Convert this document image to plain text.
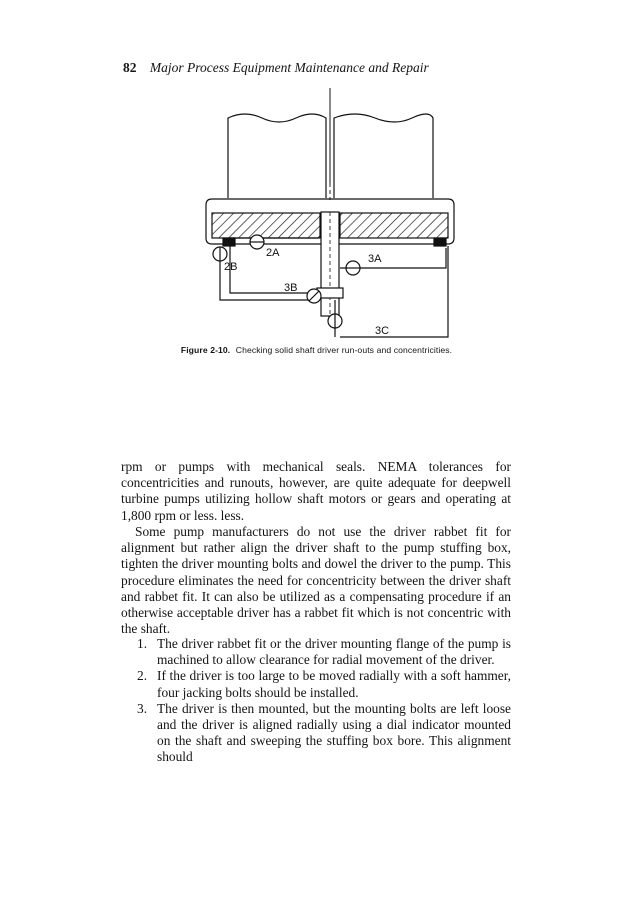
82 Major Process Equipment Maintenance and Repair
2A
2B
3A
3B
3C
Figure 2-10. Checking solid shaft driver run-outs and concentricities.

rpm or pumps with mechanical seals. NEMA tolerances for concentricities and runouts, however, are quite adequate for deepwell turbine pumps utilizing hollow shaft motors or gears and operating at 1,800 rpm or less. less.

Some pump manufacturers do not use the driver rabbet fit for alignment but rather align the driver shaft to the pump stuffing box, tighten the driver mounting bolts and dowel the driver to the pump. This procedure eliminates the need for concentricity between the driver shaft and rabbet fit. It can also be utilized as a compensating procedure if an otherwise acceptable driver has a rabbet fit which is not concentric with the shaft.

1. The driver rabbet fit or the driver mounting flange of the pump is machined to allow clearance for radial movement of the driver.
2. If the driver is too large to be moved radially with a soft hammer, four jacking bolts should be installed.
3. The driver is then mounted, but the mounting bolts are left loose and the driver is aligned radially using a dial indicator mounted on the shaft and sweeping the stuffing box bore. This alignment should
